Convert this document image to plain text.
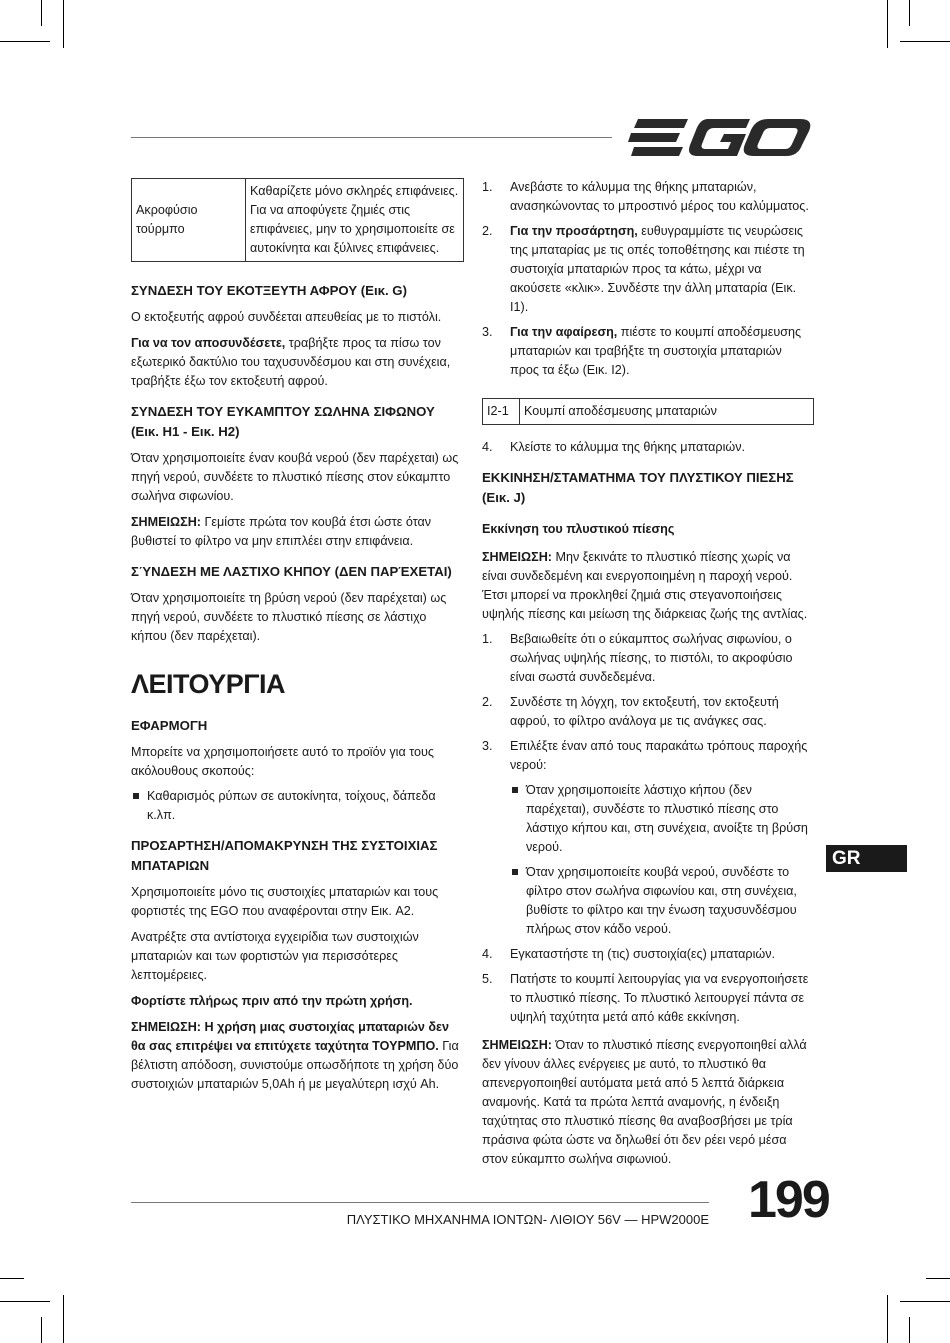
Ακροφύσιο τούρμπο	Καθαρίζετε μόνο σκληρές επιφάνειες. Για να αποφύγετε ζημιές στις επιφάνειες, μην το χρησιμοποιείτε σε αυτοκίνητα και ξύλινες επιφάνειες.

ΣΥΝΔΕΣΗ ΤΟΥ ΕΚΟΤΞΕΥΤΗ ΑΦΡΟΥ (Εικ. G)

Ο εκτοξευτής αφρού συνδέεται απευθείας με το πιστόλι.

Για να τον αποσυνδέσετε, τραβήξτε προς τα πίσω τον εξωτερικό δακτύλιο του ταχυσυνδέσμου και στη συνέχεια, τραβήξτε έξω τον εκτοξευτή αφρού.

ΣΥΝΔΕΣΗ ΤΟΥ ΕΥΚΑΜΠΤΟΥ ΣΩΛΗΝΑ ΣΙΦΩΝΟΥ (Εικ. H1 - Εικ. H2)

Όταν χρησιμοποιείτε έναν κουβά νερού (δεν παρέχεται) ως πηγή νερού, συνδέετε το πλυστικό πίεσης στον εύκαμπτο σωλήνα σιφωνίου.

ΣΗΜΕΙΩΣΗ: Γεμίστε πρώτα τον κουβά έτσι ώστε όταν βυθιστεί το φίλτρο να μην επιπλέει στην επιφάνεια.

ΣΎΝΔΕΣΗ ΜΕ ΛΑΣΤΙΧΟ ΚΗΠΟΥ (ΔΕΝ ΠΑΡΈΧΕΤΑΙ)

Όταν χρησιμοποιείτε τη βρύση νερού (δεν παρέχεται) ως πηγή νερού, συνδέετε το πλυστικό πίεσης σε λάστιχο κήπου (δεν παρέχεται).

ΛΕΙΤΟΥΡΓΙΑ

ΕΦΑΡΜΟΓΗ

Μπορείτε να χρησιμοποιήσετε αυτό το προϊόν για τους ακόλουθους σκοπούς:

Καθαρισμός ρύπων σε αυτοκίνητα, τοίχους, δάπεδα κ.λπ.

ΠΡΟΣΑΡΤΗΣΗ/ΑΠΟΜΑΚΡΥΝΣΗ ΤΗΣ ΣΥΣΤΟΙΧΙΑΣ ΜΠΑΤΑΡΙΩΝ

Χρησιμοποιείτε μόνο τις συστοιχίες μπαταριών και τους φορτιστές της EGO που αναφέρονται στην Εικ. A2.

Ανατρέξτε στα αντίστοιχα εγχειρίδια των συστοιχιών μπαταριών και των φορτιστών για περισσότερες λεπτομέρειες.

Φορτίστε πλήρως πριν από την πρώτη χρήση.

ΣΗΜΕΙΩΣΗ: Η χρήση μιας συστοιχίας μπαταριών δεν θα σας επιτρέψει να επιτύχετε ταχύτητα ΤΟΥΡΜΠΟ. Για βέλτιστη απόδοση, συνιστούμε οπωσδήποτε τη χρήση δύο συστοιχιών μπαταριών 5,0Ah ή με μεγαλύτερη ισχύ Ah.

1. Ανεβάστε το κάλυμμα της θήκης μπαταριών, ανασηκώνοντας το μπροστινό μέρος του καλύμματος.
2. Για την προσάρτηση, ευθυγραμμίστε τις νευρώσεις της μπαταρίας με τις οπές τοποθέτησης και πιέστε τη συστοιχία μπαταριών προς τα κάτω, μέχρι να ακούσετε «κλικ». Συνδέστε την άλλη μπαταρία (Εικ. I1).
3. Για την αφαίρεση, πιέστε το κουμπί αποδέσμευσης μπαταριών και τραβήξτε τη συστοιχία μπαταριών προς τα έξω (Εικ. I2).
I2-1	Κουμπί αποδέσμευσης μπαταριών
4. Κλείστε το κάλυμμα της θήκης μπαταριών.

ΕΚΚΙΝΗΣΗ/ΣΤΑΜΑΤΗΜΑ ΤΟΥ ΠΛΥΣΤΙΚΟΥ ΠΙΕΣΗΣ (Εικ. J)

Εκκίνηση του πλυστικού πίεσης

ΣΗΜΕΙΩΣΗ: Μην ξεκινάτε το πλυστικό πίεσης χωρίς να είναι συνδεδεμένη και ενεργοποιημένη η παροχή νερού. Έτσι μπορεί να προκληθεί ζημιά στις στεγανοποιήσεις υψηλής πίεσης και μείωση της διάρκειας ζωής της αντλίας.

1. Βεβαιωθείτε ότι ο εύκαμπτος σωλήνας σιφωνίου, ο σωλήνας υψηλής πίεσης, το πιστόλι, το ακροφύσιο είναι σωστά συνδεδεμένα.
2. Συνδέστε τη λόγχη, τον εκτοξευτή, τον εκτοξευτή αφρού, το φίλτρο ανάλογα με τις ανάγκες σας.
3. Επιλέξτε έναν από τους παρακάτω τρόπους παροχής νερού:
Όταν χρησιμοποιείτε λάστιχο κήπου (δεν παρέχεται), συνδέστε το πλυστικό πίεσης στο λάστιχο κήπου και, στη συνέχεια, ανοίξτε τη βρύση νερού.
Όταν χρησιμοποιείτε κουβά νερού, συνδέστε το φίλτρο στον σωλήνα σιφωνίου και, στη συνέχεια, βυθίστε το φίλτρο και την ένωση ταχυσυνδέσμου πλήρως στον κάδο νερού.
4. Εγκαταστήστε τη (τις) συστοιχία(ες) μπαταριών.
5. Πατήστε το κουμπί λειτουργίας για να ενεργοποιήσετε το πλυστικό πίεσης. Το πλυστικό λειτουργεί πάντα σε υψηλή ταχύτητα μετά από κάθε εκκίνηση.

ΣΗΜΕΙΩΣΗ: Όταν το πλυστικό πίεσης ενεργοποιηθεί αλλά δεν γίνουν άλλες ενέργειες με αυτό, το πλυστικό θα απενεργοποιηθεί αυτόματα μετά από 5 λεπτά διάρκεια αναμονής. Κατά τα πρώτα λεπτά αναμονής, η ένδειξη ταχύτητας στο πλυστικό πίεσης θα αναβοσβήσει με τρία πράσινα φώτα ώστε να δηλωθεί ότι δεν ρέει νερό μέσα στον εύκαμπτο σωλήνα σιφωνιού.

GR
ΠΛΥΣΤΙΚΟ ΜΗΧΑΝΗΜΑ ΙΟΝΤΩΝ- ΛΙΘΙΟΥ 56V — HPW2000E 199
